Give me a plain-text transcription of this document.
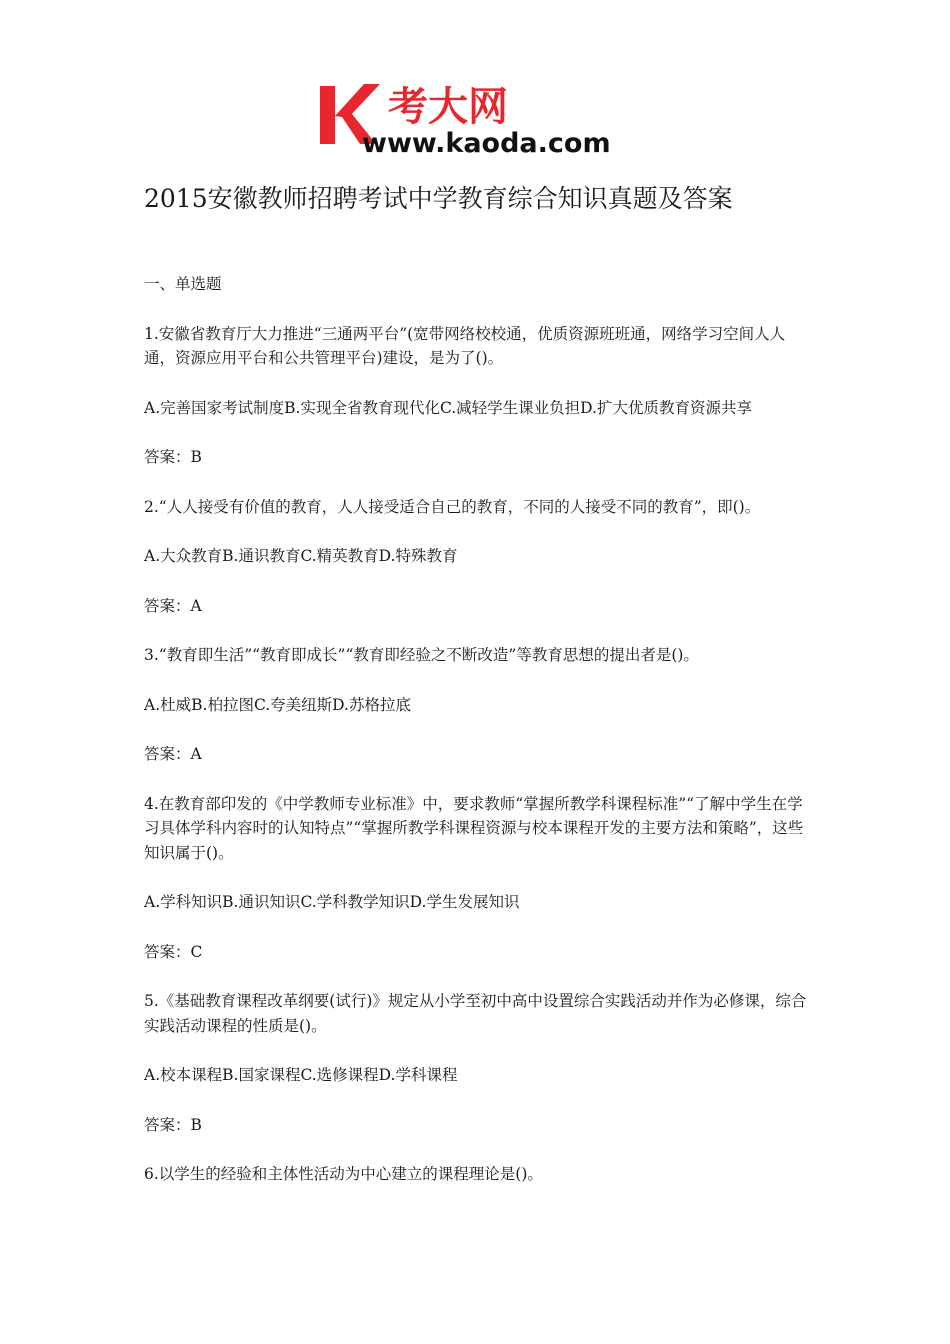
考大网
www.kaoda.com
2015安徽教师招聘考试中学教育综合知识真题及答案

一、单选题

1.安徽省教育厅大力推进“三通两平台”(宽带网络校校通，优质资源班班通，网络学习空间人人通，资源应用平台和公共管理平台)建设，是为了()。

A.完善国家考试制度B.实现全省教育现代化C.减轻学生课业负担D.扩大优质教育资源共享

答案：B

2.“人人接受有价值的教育，人人接受适合自己的教育，不同的人接受不同的教育”，即()。

A.大众教育B.通识教育C.精英教育D.特殊教育

答案：A

3.“教育即生活”“教育即成长”“教育即经验之不断改造”等教育思想的提出者是()。

A.杜威B.柏拉图C.夸美纽斯D.苏格拉底

答案：A

4.在教育部印发的《中学教师专业标准》中，要求教师“掌握所教学科课程标准”“了解中学生在学习具体学科内容时的认知特点”“掌握所教学科课程资源与校本课程开发的主要方法和策略”，这些知识属于()。

A.学科知识B.通识知识C.学科教学知识D.学生发展知识

答案：C

5.《基础教育课程改革纲要(试行)》规定从小学至初中高中设置综合实践活动并作为必修课，综合实践活动课程的性质是()。

A.校本课程B.国家课程C.选修课程D.学科课程

答案：B

6.以学生的经验和主体性活动为中心建立的课程理论是()。
